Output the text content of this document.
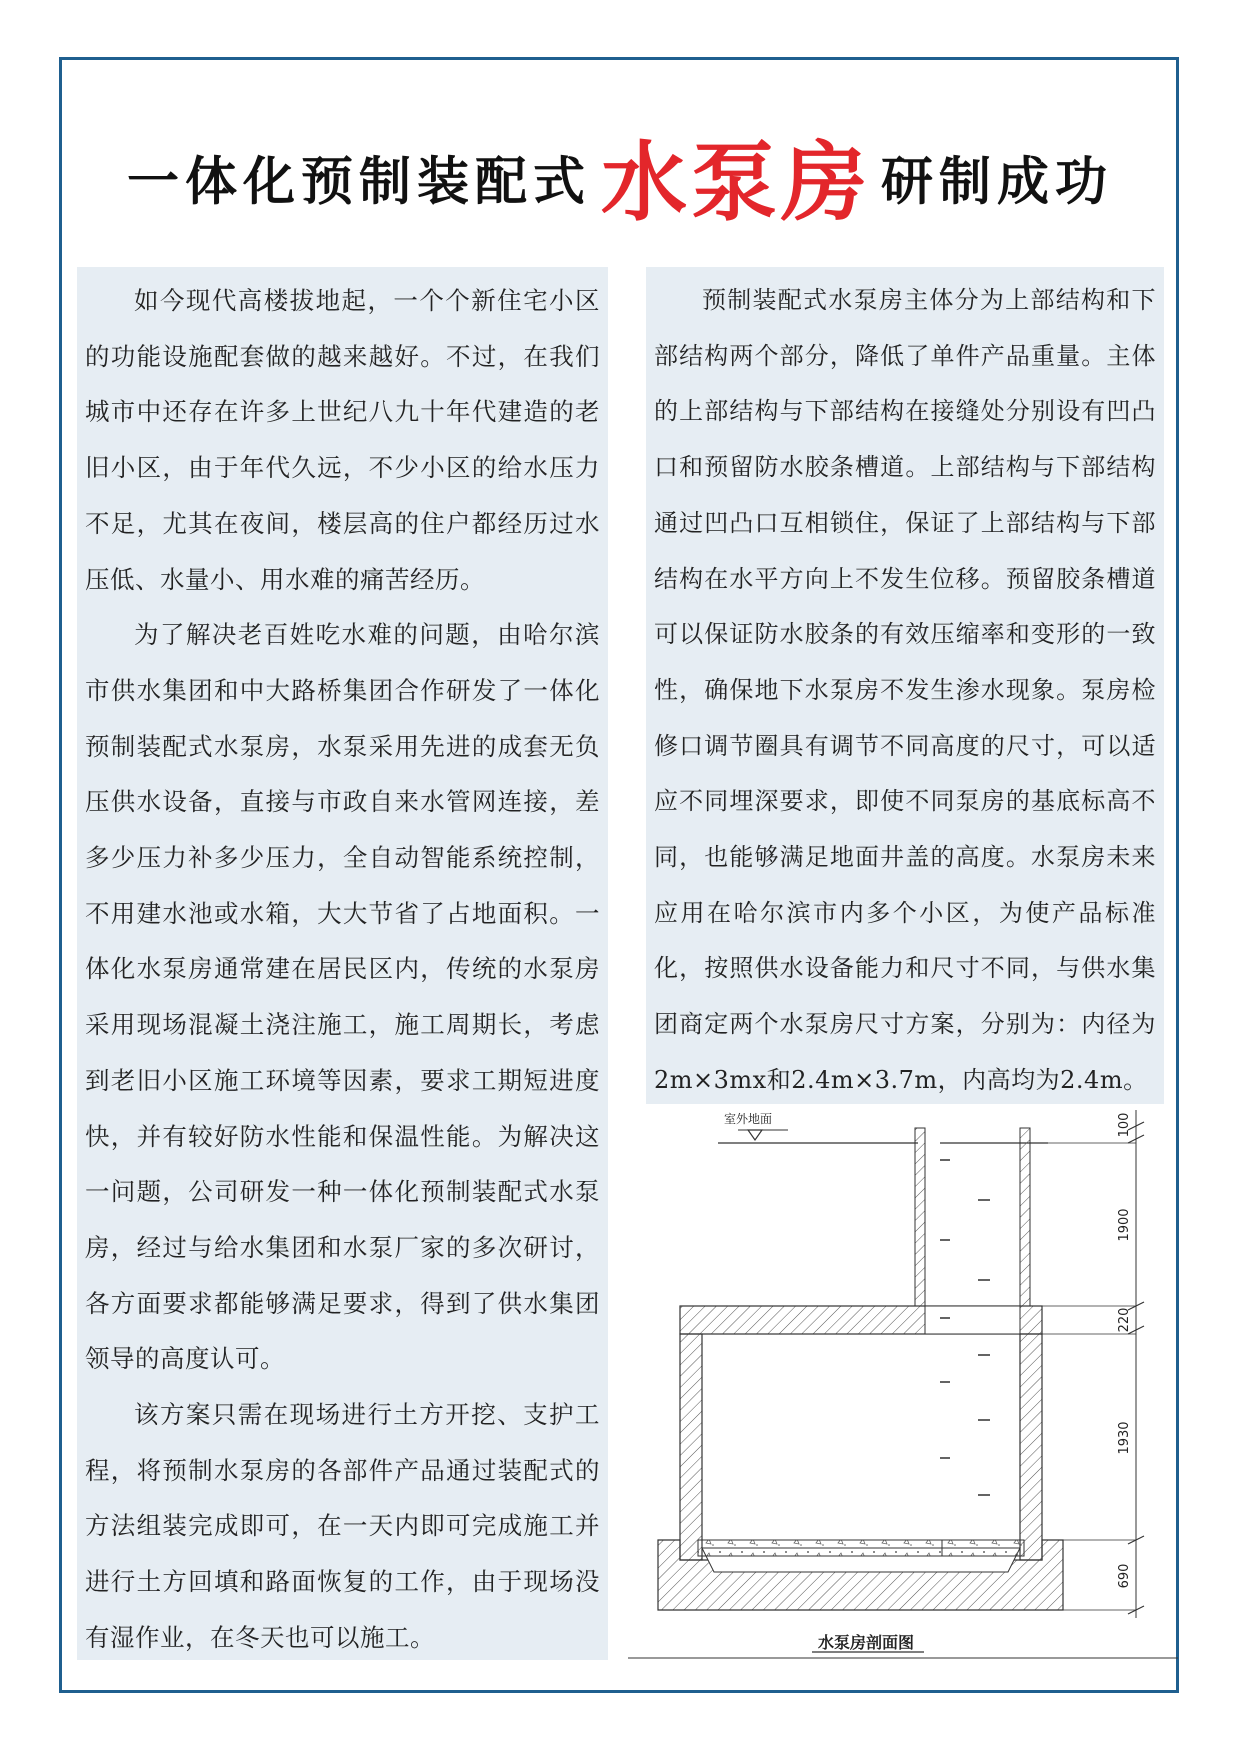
一体化预制装配式 水泵房 研制成功

如今现代高楼拔地起，一个个新住宅小区的功能设施配套做的越来越好。不过，在我们城市中还存在许多上世纪八九十年代建造的老旧小区，由于年代久远，不少小区的给水压力不足，尤其在夜间，楼层高的住户都经历过水压低、水量小、用水难的痛苦经历。

为了解决老百姓吃水难的问题，由哈尔滨市供水集团和中大路桥集团合作研发了一体化预制装配式水泵房，水泵采用先进的成套无负压供水设备，直接与市政自来水管网连接，差多少压力补多少压力，全自动智能系统控制，不用建水池或水箱，大大节省了占地面积。一体化水泵房通常建在居民区内，传统的水泵房采用现场混凝土浇注施工，施工周期长，考虑到老旧小区施工环境等因素，要求工期短进度快，并有较好防水性能和保温性能。为解决这一问题，公司研发一种一体化预制装配式水泵房，经过与给水集团和水泵厂家的多次研讨，各方面要求都能够满足要求，得到了供水集团领导的高度认可。

该方案只需在现场进行土方开挖、支护工程，将预制水泵房的各部件产品通过装配式的方法组装完成即可，在一天内即可完成施工并进行土方回填和路面恢复的工作，由于现场没有湿作业，在冬天也可以施工。

预制装配式水泵房主体分为上部结构和下部结构两个部分，降低了单件产品重量。主体的上部结构与下部结构在接缝处分别设有凹凸口和预留防水胶条槽道。上部结构与下部结构通过凹凸口互相锁住，保证了上部结构与下部结构在水平方向上不发生位移。预留胶条槽道可以保证防水胶条的有效压缩率和变形的一致性，确保地下水泵房不发生渗水现象。泵房检修口调节圈具有调节不同高度的尺寸，可以适应不同埋深要求，即使不同泵房的基底标高不同，也能够满足地面井盖的高度。水泵房未来应用在哈尔滨市内多个小区，为使产品标准化，按照供水设备能力和尺寸不同，与供水集团商定两个水泵房尺寸方案，分别为：内径为2m×3mx和2.4m×3.7m，内高均为2.4m。

室外地面	100
1900
220
1930
690
水泵房剖面图
